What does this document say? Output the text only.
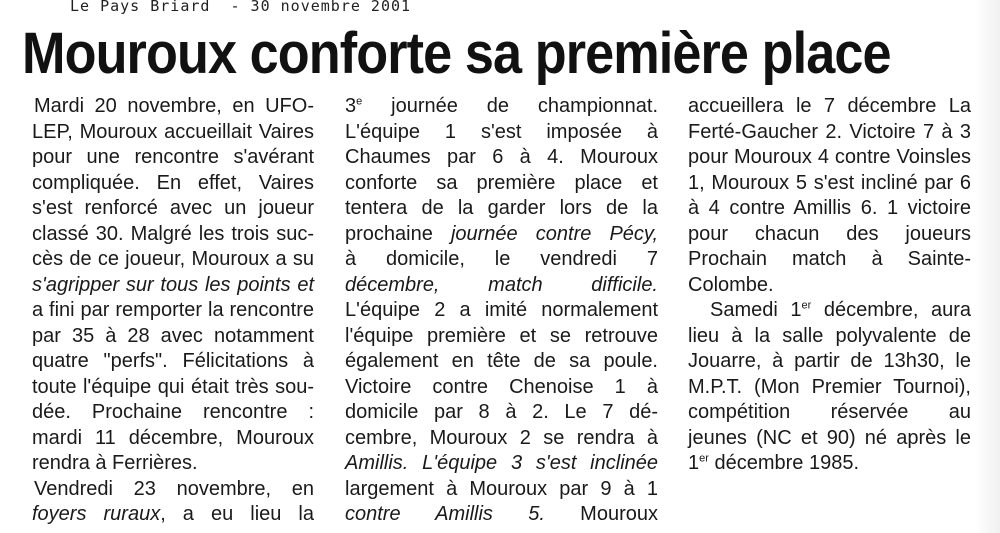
Le Pays Briard  - 30 novembre 2001
Mouroux conforte sa première place
Mardi 20 novembre, en UFO-
LEP, Mouroux accueillait Vaires
pour une rencontre s'avérant
compliquée. En effet, Vaires
s'est renforcé avec un joueur
classé 30. Malgré les trois suc-
cès de ce joueur, Mouroux a su
s'agripper sur tous les points et
a fini par remporter la rencontre
par 35 à 28 avec notamment
quatre "perfs". Félicitations à
toute l'équipe qui était très sou-
dée. Prochaine rencontre :
mardi 11 décembre, Mouroux
rendra à Ferrières.
Vendredi 23 novembre, en
foyers ruraux, a eu lieu la
3e journée de championnat.
L'équipe 1 s'est imposée à
Chaumes par 6 à 4. Mouroux
conforte sa première place et
tentera de la garder lors de la
prochaine journée contre Pécy,
à domicile, le vendredi 7
décembre, match difficile.
L'équipe 2 a imité normalement
l'équipe première et se retrouve
également en tête de sa poule.
Victoire contre Chenoise 1 à
domicile par 8 à 2. Le 7 dé-
cembre, Mouroux 2 se rendra à
Amillis. L'équipe 3 s'est inclinée
largement à Mouroux par 9 à 1
contre Amillis 5. Mouroux
accueillera le 7 décembre La
Ferté-Gaucher 2. Victoire 7 à 3
pour Mouroux 4 contre Voinsles
1, Mouroux 5 s'est incliné par 6
à 4 contre Amillis 6. 1 victoire
pour chacun des joueurs
Prochain match à Sainte-
Colombe.
Samedi 1er décembre, aura
lieu à la salle polyvalente de
Jouarre, à partir de 13h30, le
M.P.T. (Mon Premier Tournoi),
compétition réservée au
jeunes (NC et 90) né après le
1er décembre 1985.
